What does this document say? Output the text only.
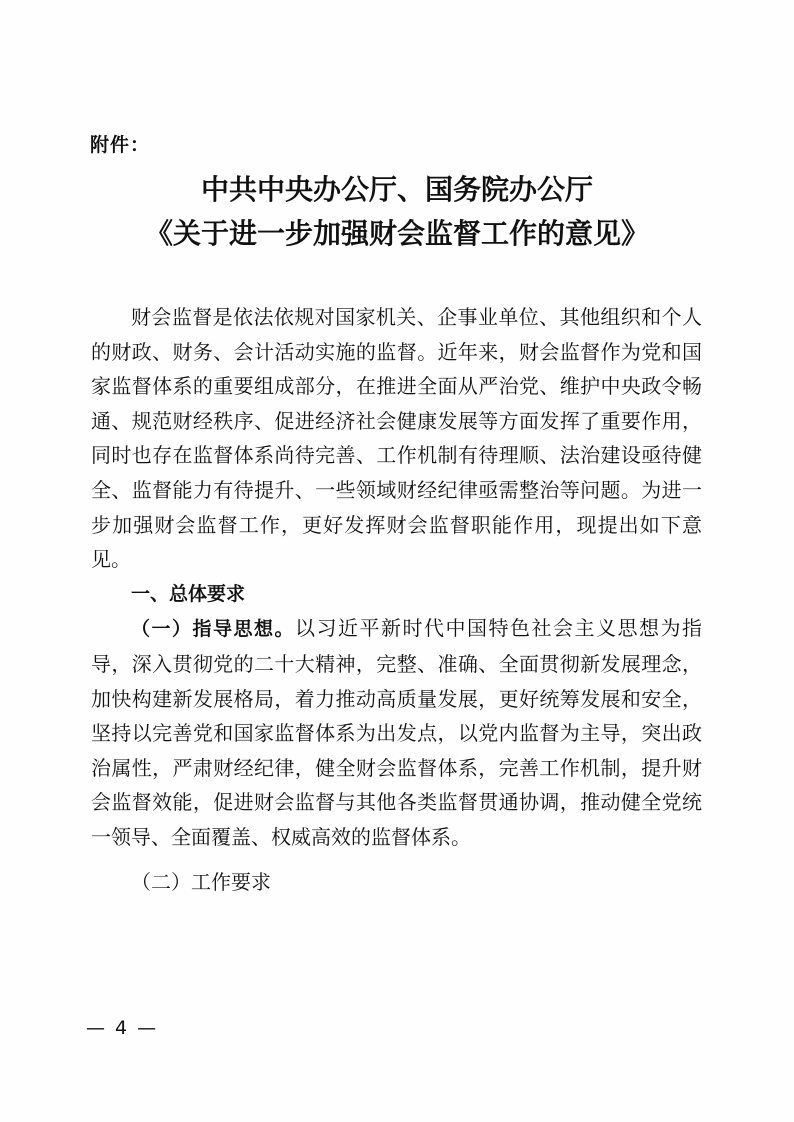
附件：
中共中央办公厅、国务院办公厅
《关于进一步加强财会监督工作的意见》

财会监督是依法依规对国家机关、企事业单位、其他组织和个人的财政、财务、会计活动实施的监督。近年来，财会监督作为党和国家监督体系的重要组成部分，在推进全面从严治党、维护中央政令畅通、规范财经秩序、促进经济社会健康发展等方面发挥了重要作用，同时也存在监督体系尚待完善、工作机制有待理顺、法治建设亟待健全、监督能力有待提升、一些领域财经纪律亟需整治等问题。为进一步加强财会监督工作，更好发挥财会监督职能作用，现提出如下意见。

一、总体要求

（一）指导思想。以习近平新时代中国特色社会主义思想为指导，深入贯彻党的二十大精神，完整、准确、全面贯彻新发展理念，加快构建新发展格局，着力推动高质量发展，更好统筹发展和安全，坚持以完善党和国家监督体系为出发点，以党内监督为主导，突出政治属性，严肃财经纪律，健全财会监督体系，完善工作机制，提升财会监督效能，促进财会监督与其他各类监督贯通协调，推动健全党统一领导、全面覆盖、权威高效的监督体系。

（二）工作要求

— 4 —
